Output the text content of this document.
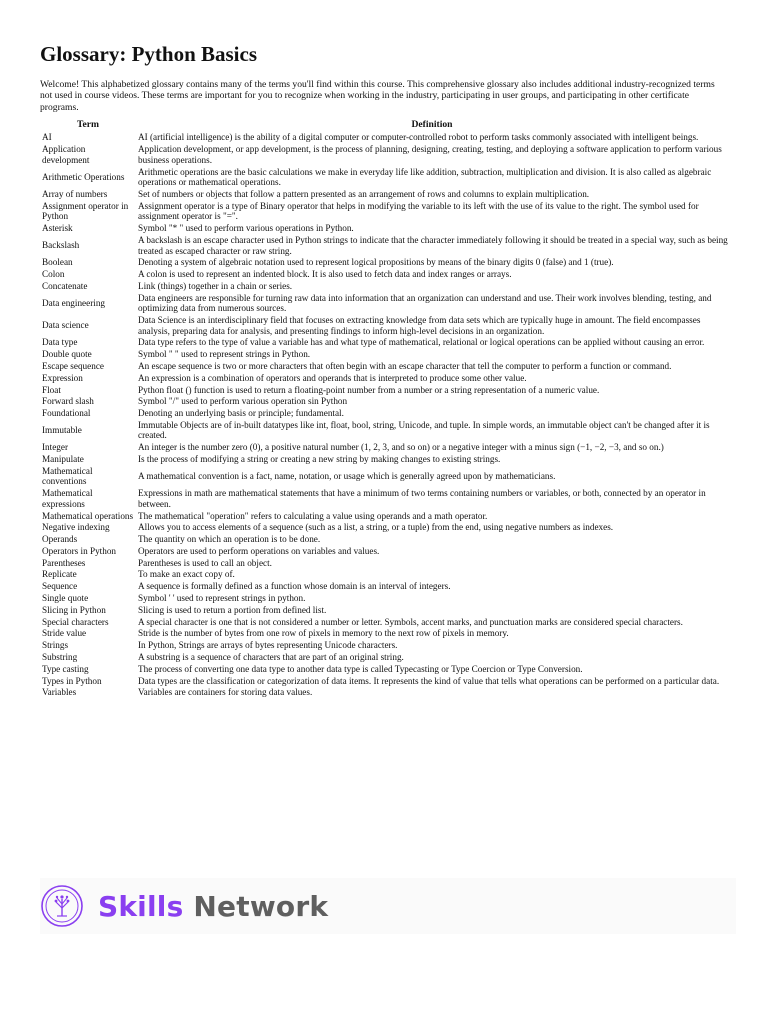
Glossary: Python Basics

Welcome! This alphabetized glossary contains many of the terms you'll find within this course. This comprehensive glossary also includes additional industry-recognized terms not used in course videos. These terms are important for you to recognize when working in the industry, participating in user groups, and participating in other certificate programs.

Term	Definition
AI	AI (artificial intelligence) is the ability of a digital computer or computer-controlled robot to perform tasks commonly associated with intelligent beings.
Application development	Application development, or app development, is the process of planning, designing, creating, testing, and deploying a software application to perform various business operations.
Arithmetic Operations	Arithmetic operations are the basic calculations we make in everyday life like addition, subtraction, multiplication and division. It is also called as algebraic operations or mathematical operations.
Array of numbers	Set of numbers or objects that follow a pattern presented as an arrangement of rows and columns to explain multiplication.
Assignment operator in Python	Assignment operator is a type of Binary operator that helps in modifying the variable to its left with the use of its value to the right. The symbol used for assignment operator is "=".
Asterisk	Symbol "* " used to perform various operations in Python.
Backslash	A backslash is an escape character used in Python strings to indicate that the character immediately following it should be treated in a special way, such as being treated as escaped character or raw string.
Boolean	Denoting a system of algebraic notation used to represent logical propositions by means of the binary digits 0 (false) and 1 (true).
Colon	A colon is used to represent an indented block. It is also used to fetch data and index ranges or arrays.
Concatenate	Link (things) together in a chain or series.
Data engineering	Data engineers are responsible for turning raw data into information that an organization can understand and use. Their work involves blending, testing, and optimizing data from numerous sources.
Data science	Data Science is an interdisciplinary field that focuses on extracting knowledge from data sets which are typically huge in amount. The field encompasses analysis, preparing data for analysis, and presenting findings to inform high-level decisions in an organization.
Data type	Data type refers to the type of value a variable has and what type of mathematical, relational or logical operations can be applied without causing an error.
Double quote	Symbol " " used to represent strings in Python.
Escape sequence	An escape sequence is two or more characters that often begin with an escape character that tell the computer to perform a function or command.
Expression	An expression is a combination of operators and operands that is interpreted to produce some other value.
Float	Python float () function is used to return a floating-point number from a number or a string representation of a numeric value.
Forward slash	Symbol "/" used to perform various operation sin Python
Foundational	Denoting an underlying basis or principle; fundamental.
Immutable	Immutable Objects are of in-built datatypes like int, float, bool, string, Unicode, and tuple. In simple words, an immutable object can't be changed after it is created.
Integer	An integer is the number zero (0), a positive natural number (1, 2, 3, and so on) or a negative integer with a minus sign (−1, −2, −3, and so on.)
Manipulate	Is the process of modifying a string or creating a new string by making changes to existing strings.
Mathematical conventions	A mathematical convention is a fact, name, notation, or usage which is generally agreed upon by mathematicians.
Mathematical expressions	Expressions in math are mathematical statements that have a minimum of two terms containing numbers or variables, or both, connected by an operator in between.
Mathematical operations	The mathematical "operation" refers to calculating a value using operands and a math operator.
Negative indexing	Allows you to access elements of a sequence (such as a list, a string, or a tuple) from the end, using negative numbers as indexes.
Operands	The quantity on which an operation is to be done.
Operators in Python	Operators are used to perform operations on variables and values.
Parentheses	Parentheses is used to call an object.
Replicate	To make an exact copy of.
Sequence	A sequence is formally defined as a function whose domain is an interval of integers.
Single quote	Symbol ' ' used to represent strings in python.
Slicing in Python	Slicing is used to return a portion from defined list.
Special characters	A special character is one that is not considered a number or letter. Symbols, accent marks, and punctuation marks are considered special characters.
Stride value	Stride is the number of bytes from one row of pixels in memory to the next row of pixels in memory.
Strings	In Python, Strings are arrays of bytes representing Unicode characters.
Substring	A substring is a sequence of characters that are part of an original string.
Type casting	The process of converting one data type to another data type is called Typecasting or Type Coercion or Type Conversion.
Types in Python	Data types are the classification or categorization of data items. It represents the kind of value that tells what operations can be performed on a particular data.
Variables	Variables are containers for storing data values.
Skills Network
